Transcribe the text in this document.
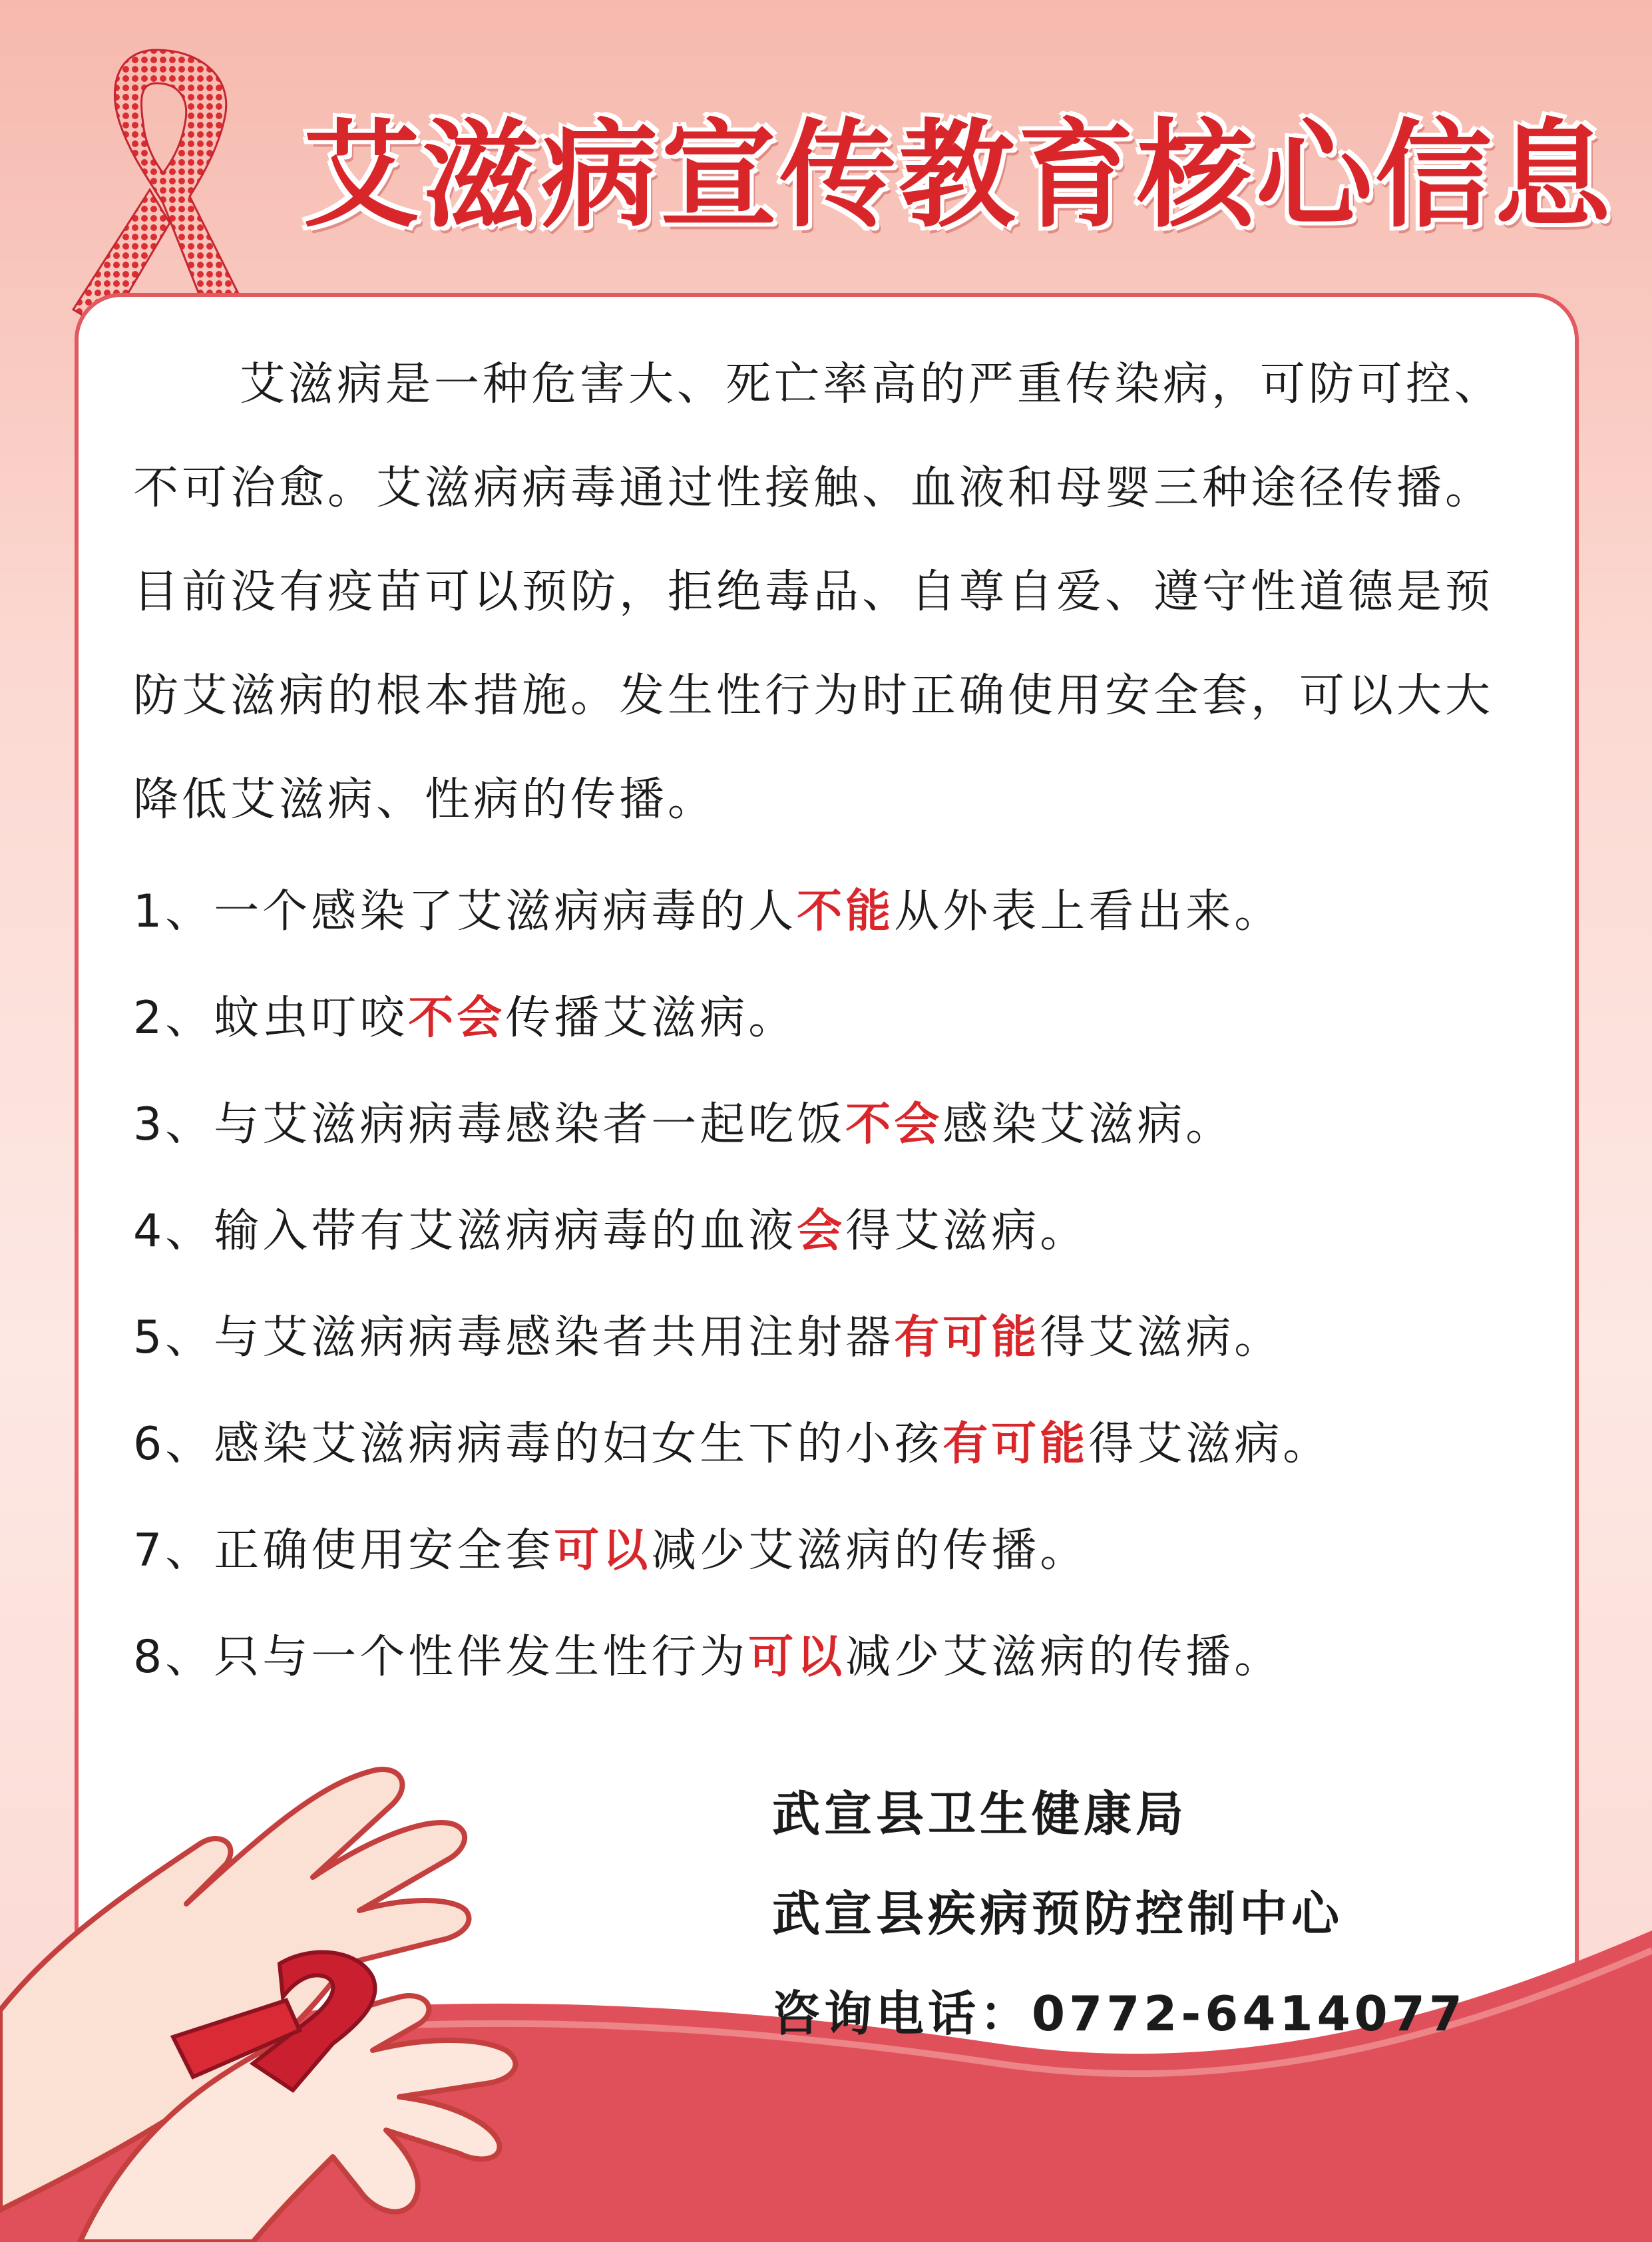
艾滋病宣传教育核心信息

艾滋病是一种危害大、死亡率高的严重传染病，可防可控、不可治愈。艾滋病病毒通过性接触、血液和母婴三种途径传播。目前没有疫苗可以预防，拒绝毒品、自尊自爱、遵守性道德是预防艾滋病的根本措施。发生性行为时正确使用安全套，可以大大降低艾滋病、性病的传播。

1、一个感染了艾滋病病毒的人不能从外表上看出来。
2、蚊虫叮咬不会传播艾滋病。
3、与艾滋病病毒感染者一起吃饭不会感染艾滋病。
4、输入带有艾滋病病毒的血液会得艾滋病。
5、与艾滋病病毒感染者共用注射器有可能得艾滋病。
6、感染艾滋病病毒的妇女生下的小孩有可能得艾滋病。
7、正确使用安全套可以减少艾滋病的传播。
8、只与一个性伴发生性行为可以减少艾滋病的传播。
武宣县卫生健康局
武宣县疾病预防控制中心
咨询电话：0772-6414077
